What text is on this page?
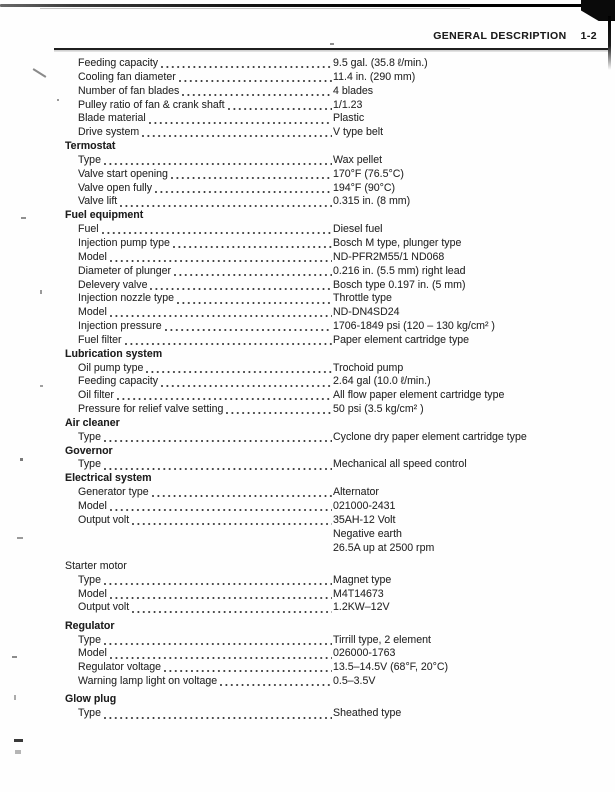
GENERAL DESCRIPTION 1-2
Feeding capacity	9.5 gal. (35.8 ℓ/min.)
Cooling fan diameter	11.4 in. (290 mm)
Number of fan blades	4 blades
Pulley ratio of fan & crank shaft	1/1.23
Blade material	Plastic
Drive system	V type belt
Termostat
Type	Wax pellet
Valve start opening	170°F (76.5°C)
Valve open fully	194°F (90°C)
Valve lift	0.315 in. (8 mm)
Fuel equipment
Fuel	Diesel fuel
Injection pump type	Bosch M type, plunger type
Model	ND-PFR2M55/1 ND068
Diameter of plunger	0.216 in. (5.5 mm) right lead
Delevery valve	Bosch type 0.197 in. (5 mm)
Injection nozzle type	Throttle type
Model	ND-DN4SD24
Injection pressure	1706-1849 psi (120 – 130 kg/cm² )
Fuel filter	Paper element cartridge type
Lubrication system
Oil pump type	Trochoid pump
Feeding capacity	2.64 gal (10.0 ℓ/min.)
Oil filter	All flow paper element cartridge type
Pressure for relief valve setting	50 psi (3.5 kg/cm² )
Air cleaner
Type	Cyclone dry paper element cartridge type
Governor
Type	Mechanical all speed control
Electrical system
Generator type	Alternator
Model	021000-2431
Output volt	35AH-12 Volt
Negative earth
26.5A up at 2500 rpm
Starter motor
Type	Magnet type
Model	M4T14673
Output volt	1.2KW–12V
Regulator
Type	Tirrill type, 2 element
Model	026000-1763
Regulator voltage	13.5–14.5V (68°F, 20°C)
Warning lamp light on voltage	0.5–3.5V
Glow plug
Type	Sheathed type
